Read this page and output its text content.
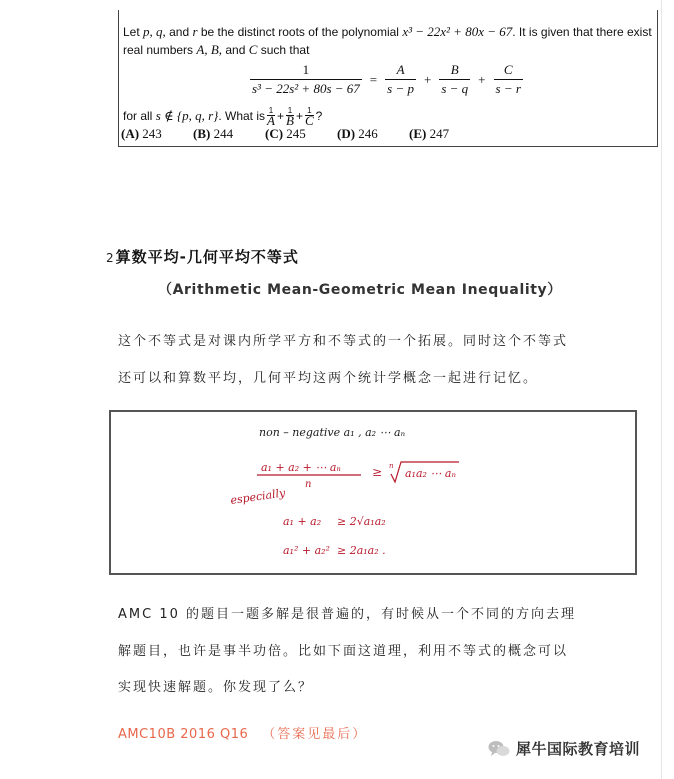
Let p, q, and r be the distinct roots of the polynomial x³ − 22x² + 80x − 67. It is given that there exist
real numbers A, B, and C such that
$\frac{1}{\text{s³ − 22s² + 80s − 67}} = \frac{A}{s - p} + \frac{B}{s - q} + \frac{C}{s - r}$
for all
s ∉ {p, q, r} . What is 1
A + 1
B + 1
C ?
(A) 243	(B) 244	(C) 245	(D) 246	(E) 247
2 算数平均-几何平均不等式
（Arithmetic Mean-Geometric Mean Inequality）
这个不等式是对课内所学平方和不等式的一个拓展。同时这个不等式
还可以和算数平均，几何平均这两个统计学概念一起进行记忆。
non – negative a₁ , a₂ ⋯ aₙ
a₁ + a₂ + ⋯ aₙ
n
≥ n
a₁a₂ ⋯ aₙ
especially
a₁ + a₂ ≥ 2√a₁a₂
a₁² + a₂² ≥ 2a₁a₂ .
AMC 10 的题目一题多解是很普遍的，有时候从一个不同的方向去理
解题目，也许是事半功倍。比如下面这道理，利用不等式的概念可以
实现快速解题。你发现了么？
AMC10B 2016 Q16 （答案见最后）
犀牛国际教育培训
